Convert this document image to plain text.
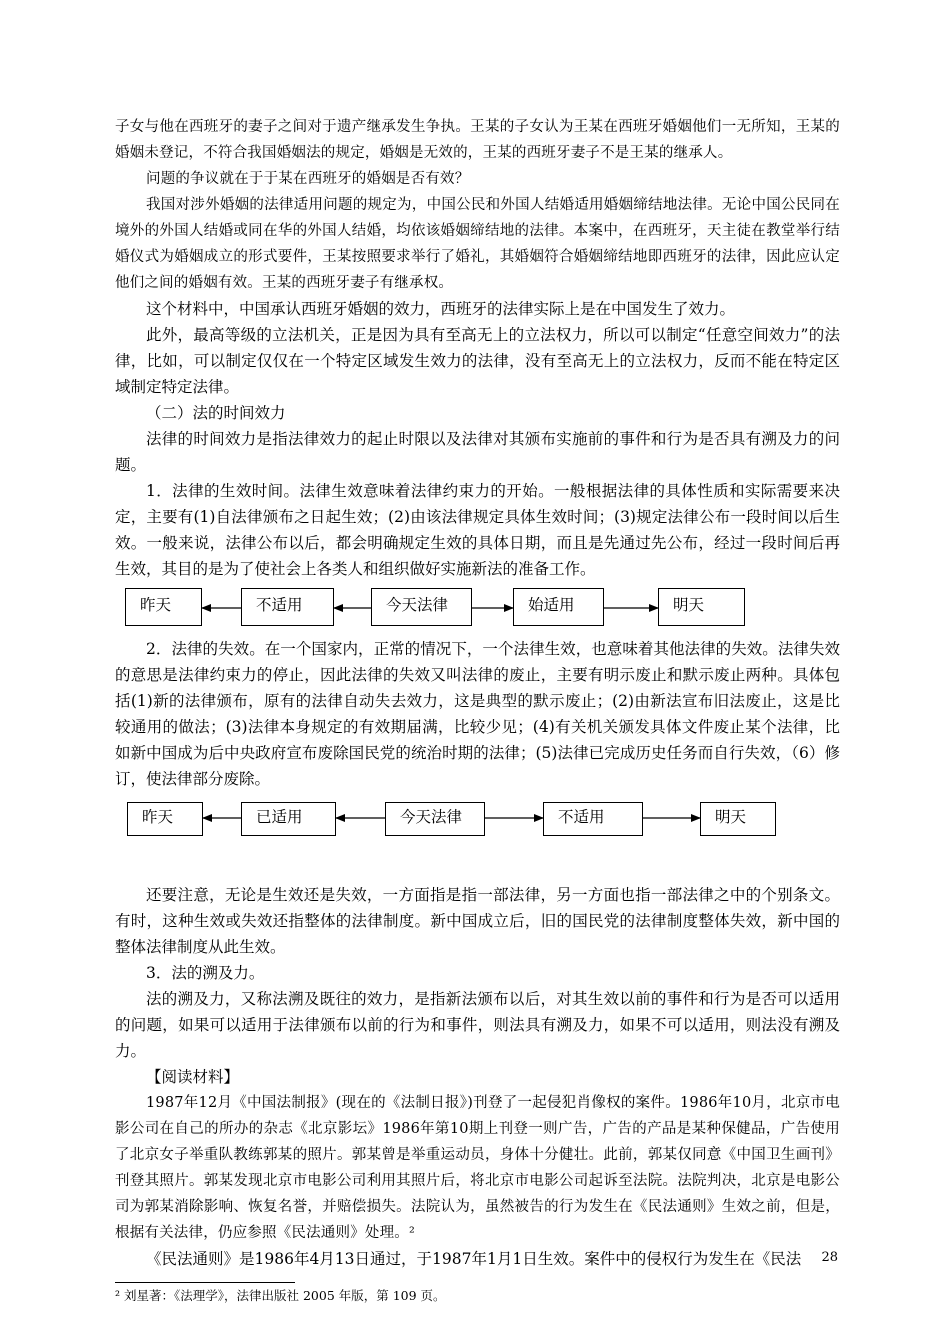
子女与他在西班牙的妻子之间对于遗产继承发生争执。王某的子女认为王某在西班牙婚姻他们一无所知，王某的婚姻未登记，不符合我国婚姻法的规定，婚姻是无效的，王某的西班牙妻子不是王某的继承人。

问题的争议就在于于某在西班牙的婚姻是否有效？

我国对涉外婚姻的法律适用问题的规定为，中国公民和外国人结婚适用婚姻缔结地法律。无论中国公民同在境外的外国人结婚或同在华的外国人结婚，均依该婚姻缔结地的法律。本案中，在西班牙，天主徒在教堂举行结婚仪式为婚姻成立的形式要件，王某按照要求举行了婚礼，其婚姻符合婚姻缔结地即西班牙的法律，因此应认定他们之间的婚姻有效。王某的西班牙妻子有继承权。

这个材料中，中国承认西班牙婚姻的效力，西班牙的法律实际上是在中国发生了效力。

此外，最高等级的立法机关，正是因为具有至高无上的立法权力，所以可以制定“任意空间效力”的法律，比如，可以制定仅仅在一个特定区域发生效力的法律，没有至高无上的立法权力，反而不能在特定区域制定特定法律。

（二）法的时间效力

法律的时间效力是指法律效力的起止时限以及法律对其颁布实施前的事件和行为是否具有溯及力的问题。

1．法律的生效时间。法律生效意味着法律约束力的开始。一般根据法律的具体性质和实际需要来决定，主要有(1)自法律颁布之日起生效；(2)由该法律规定具体生效时间；(3)规定法律公布一段时间以后生效。一般来说，法律公布以后，都会明确规定生效的具体日期，而且是先通过先公布，经过一段时间后再生效，其目的是为了使社会上各类人和组织做好实施新法的准备工作。

昨天	不适用	今天法律	始适用	明天

2．法律的失效。在一个国家内，正常的情况下，一个法律生效，也意味着其他法律的失效。法律失效的意思是法律约束力的停止，因此法律的失效又叫法律的废止，主要有明示废止和默示废止两种。具体包括(1)新的法律颁布，原有的法律自动失去效力，这是典型的默示废止；(2)由新法宣布旧法废止，这是比较通用的做法；(3)法律本身规定的有效期届满，比较少见；(4)有关机关颁发具体文件废止某个法律，比如新中国成为后中央政府宣布废除国民党的统治时期的法律；(5)法律已完成历史任务而自行失效，（6）修订，使法律部分废除。

昨天	已适用	今天法律	不适用	明天

还要注意，无论是生效还是失效，一方面指是指一部法律，另一方面也指一部法律之中的个别条文。有时，这种生效或失效还指整体的法律制度。新中国成立后，旧的国民党的法律制度整体失效，新中国的整体法律制度从此生效。

3．法的溯及力。

法的溯及力，又称法溯及既往的效力，是指新法颁布以后，对其生效以前的事件和行为是否可以适用的问题，如果可以适用于法律颁布以前的行为和事件，则法具有溯及力，如果不可以适用，则法没有溯及力。

【阅读材料】

1987年12月《中国法制报》(现在的《法制日报》)刊登了一起侵犯肖像权的案件。1986年10月，北京市电影公司在自己的所办的杂志《北京影坛》1986年第10期上刊登一则广告，广告的产品是某种保健品，广告使用了北京女子举重队教练郭某的照片。郭某曾是举重运动员，身体十分健壮。此前，郭某仅同意《中国卫生画刊》刊登其照片。郭某发现北京市电影公司利用其照片后，将北京市电影公司起诉至法院。法院判决，北京是电影公司为郭某消除影响、恢复名誉，并赔偿损失。法院认为，虽然被告的行为发生在《民法通则》生效之前，但是，根据有关法律，仍应参照《民法通则》处理。²

《民法通则》是1986年4月13日通过，于1987年1月1日生效。案件中的侵权行为发生在《民法

² 刘星著：《法理学》，法律出版社 2005 年版，第 109 页。

28
